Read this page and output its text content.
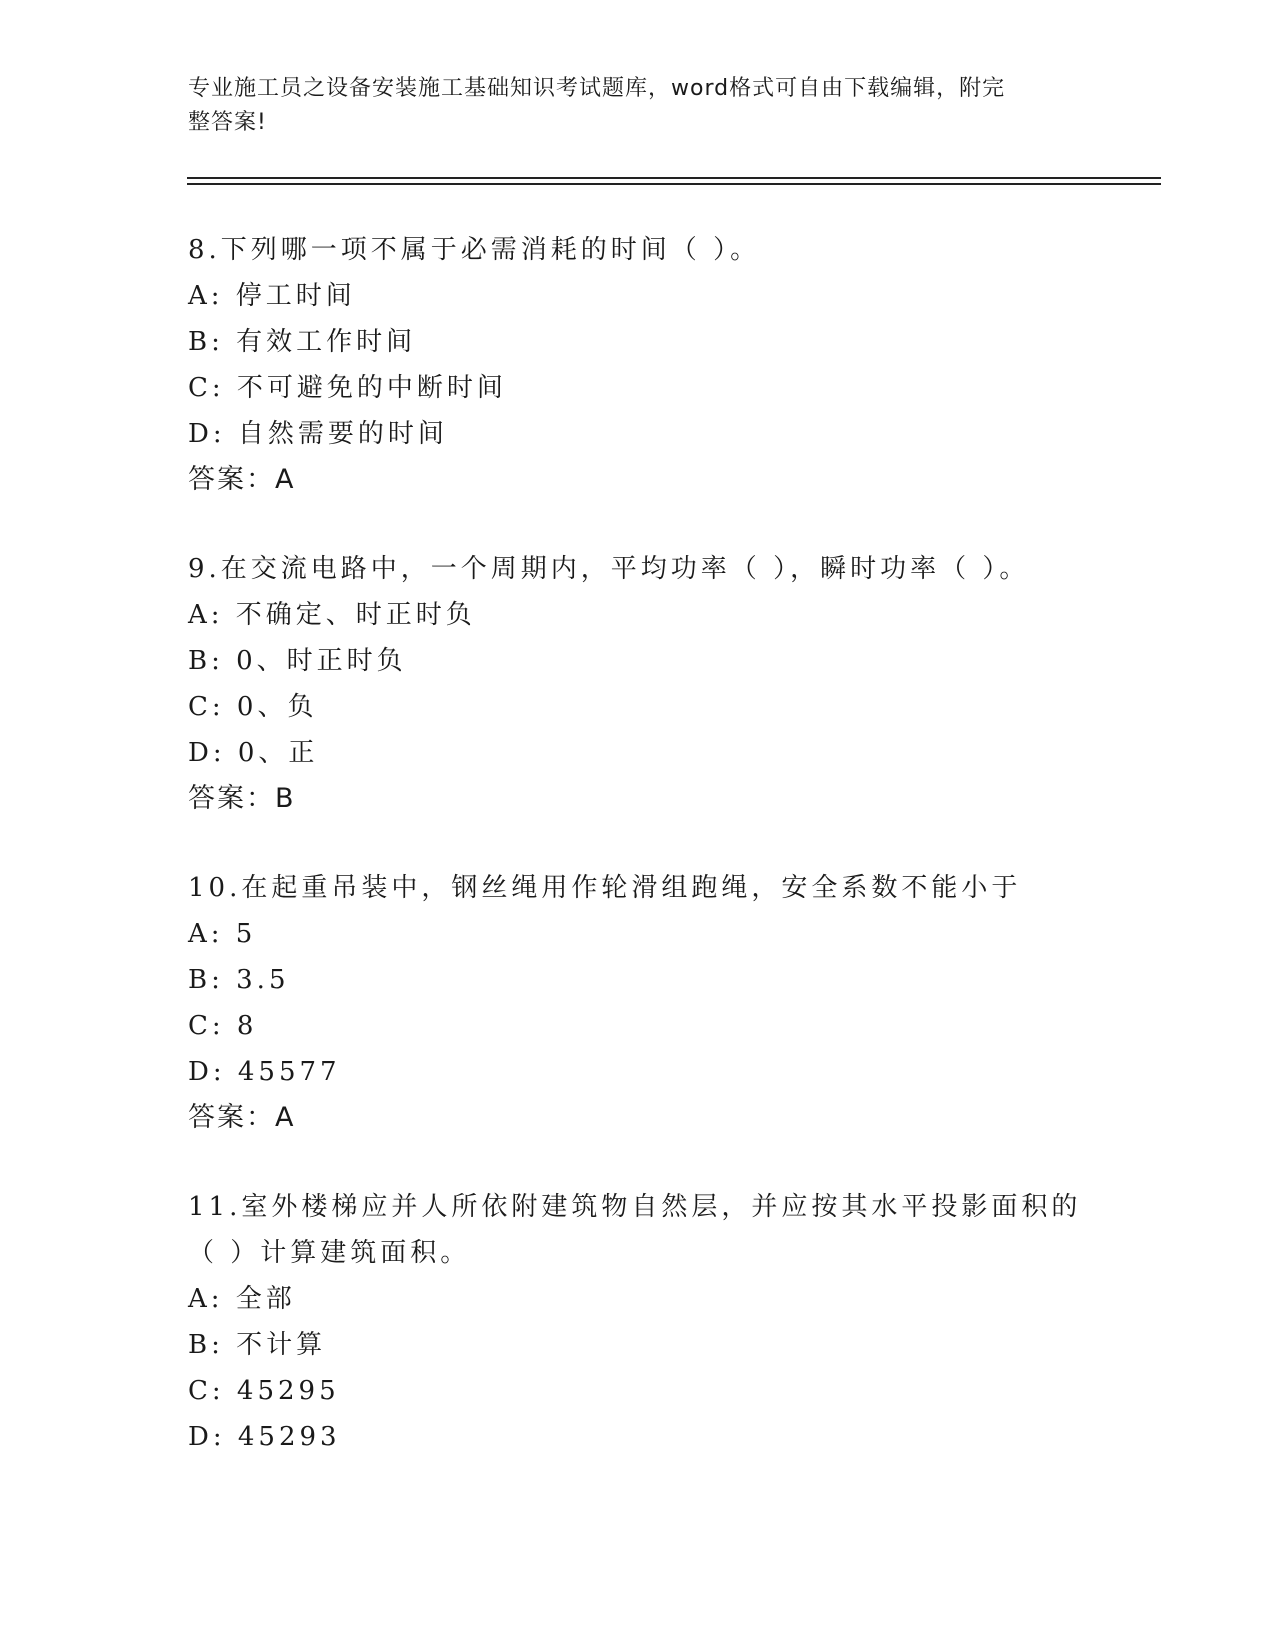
专业施工员之设备安装施工基础知识考试题库，word格式可自由下载编辑，附完
整答案!
8.下列哪一项不属于必需消耗的时间（ ）。
A: 停工时间
B: 有效工作时间
C: 不可避免的中断时间
D: 自然需要的时间
答案：A
9.在交流电路中，一个周期内，平均功率（ ），瞬时功率（ ）。
A: 不确定、时正时负
B: 0、时正时负
C: 0、负
D: 0、正
答案：B
10.在起重吊装中，钢丝绳用作轮滑组跑绳，安全系数不能小于
A: 5
B: 3.5
C: 8
D: 45577
答案：A
11.室外楼梯应并人所依附建筑物自然层，并应按其水平投影面积的（ ）计算建筑面积。
A: 全部
B: 不计算
C: 45295
D: 45293
